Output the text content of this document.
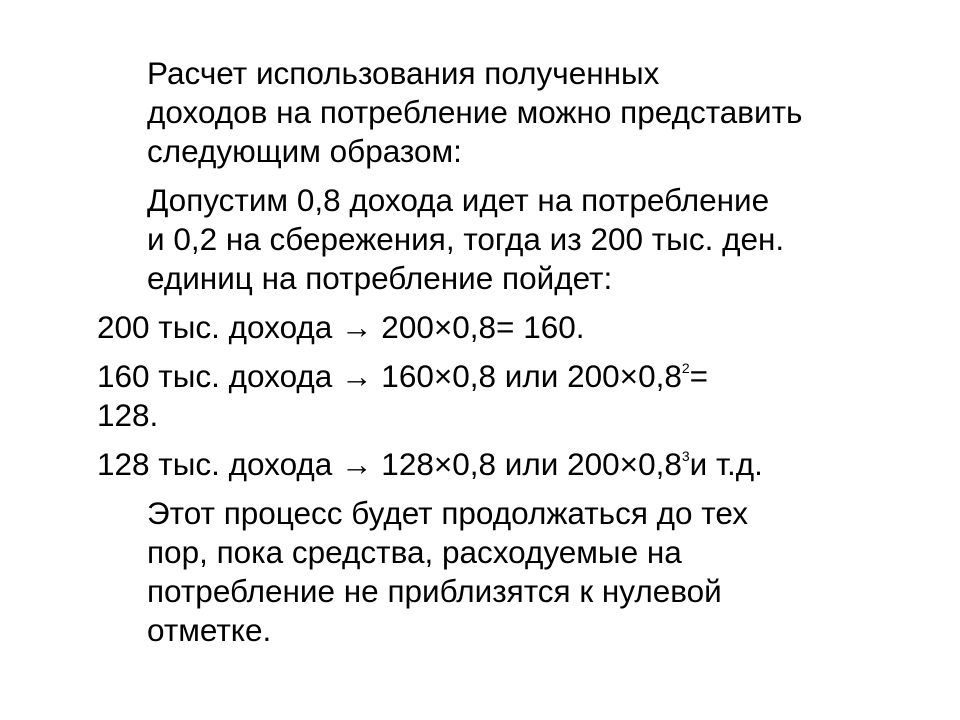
Расчет использования полученных
доходов на потребление можно представить
следующим образом:
Допустим 0,8 дохода идет на потребление
и 0,2 на сбережения, тогда из 200 тыс. ден.
единиц на потребление пойдет:
200 тыс. дохода → 200×0,8= 160.
160 тыс. дохода → 160×0,8 или $200\times 0,8^2=$
128.
128 тыс. дохода → 128×0,8 или $200\times 0,8^3и$ т.д.
Этот процесс будет продолжаться до тех
пор, пока средства, расходуемые на
потребление не приблизятся к нулевой
отметке.
